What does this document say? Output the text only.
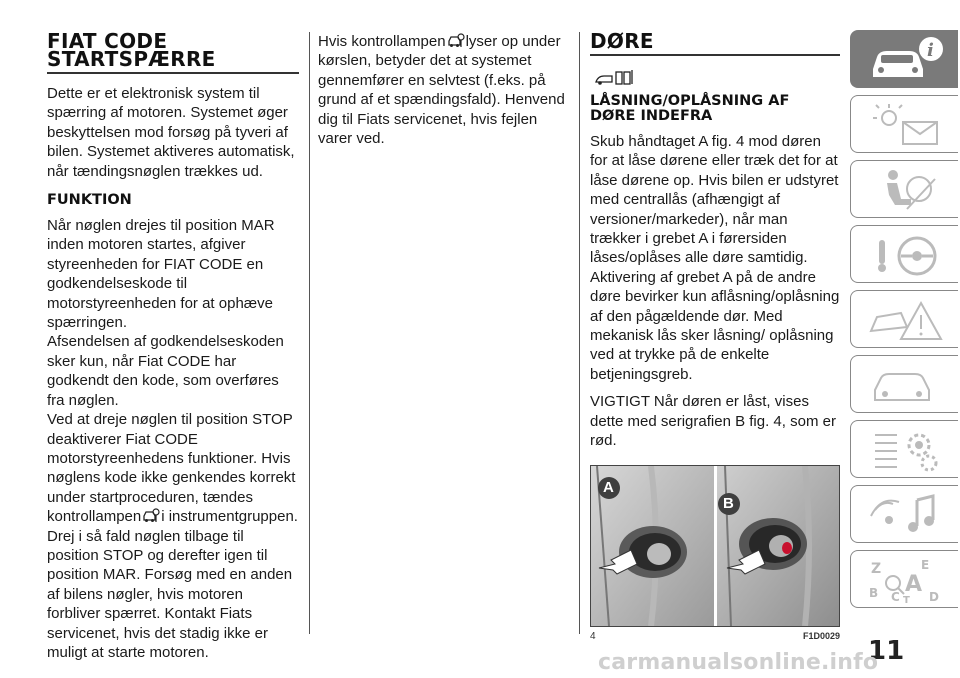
FIAT CODE
STARTSPÆRRE

Dette er et elektronisk system til spærring af motoren. Systemet øger beskyttelsen mod forsøg på tyveri af bilen. Systemet aktiveres automatisk, når tændingsnøglen trækkes ud.

FUNKTION

Når nøglen drejes til position MAR inden motoren startes, afgiver styreenheden for FIAT CODE en godkendelseskode til motorstyreenheden for at ophæve spærringen.

Afsendelsen af godkendelseskoden sker kun, når Fiat CODE har godkendt den kode, som overføres fra nøglen.

Ved at dreje nøglen til position STOP deaktiverer Fiat CODE motorstyreenhedens funktioner. Hvis nøglens kode ikke genkendes korrekt under startproceduren, tændes kontrollampen i instrumentgruppen. Drej i så fald nøglen tilbage til position STOP og derefter igen til position MAR. Forsøg med en anden af bilens nøgler, hvis motoren forbliver spærret. Kontakt Fiats servicenet, hvis det stadig ikke er muligt at starte motoren.

Hvis kontrollampen lyser op under kørslen, betyder det at systemet gennemfører en selvtest (f.eks. på grund af et spændingsfald). Henvend dig til Fiats servicenet, hvis fejlen varer ved.

DØRE
LÅSNING/OPLÅSNING AF
DØRE INDEFRA

Skub håndtaget A fig. 4 mod døren for at låse dørene eller træk det for at låse dørene op. Hvis bilen er udstyret med centrallås (afhængigt af versioner/markeder), når man trækker i grebet A i førersiden låses/oplåses alle døre samtidig. Aktivering af grebet A på de andre døre bevirker kun aflåsning/oplåsning af den pågældende dør. Med mekanisk lås sker låsning/ oplåsning ved at trykke på de enkelte betjeningsgreb.

VIGTIGT Når døren er låst, vises dette med serigrafien B fig. 4, som er rød.

A
B
4	F1D0029
i
Z	E
B C A D
T
11
carmanualsonline.info
